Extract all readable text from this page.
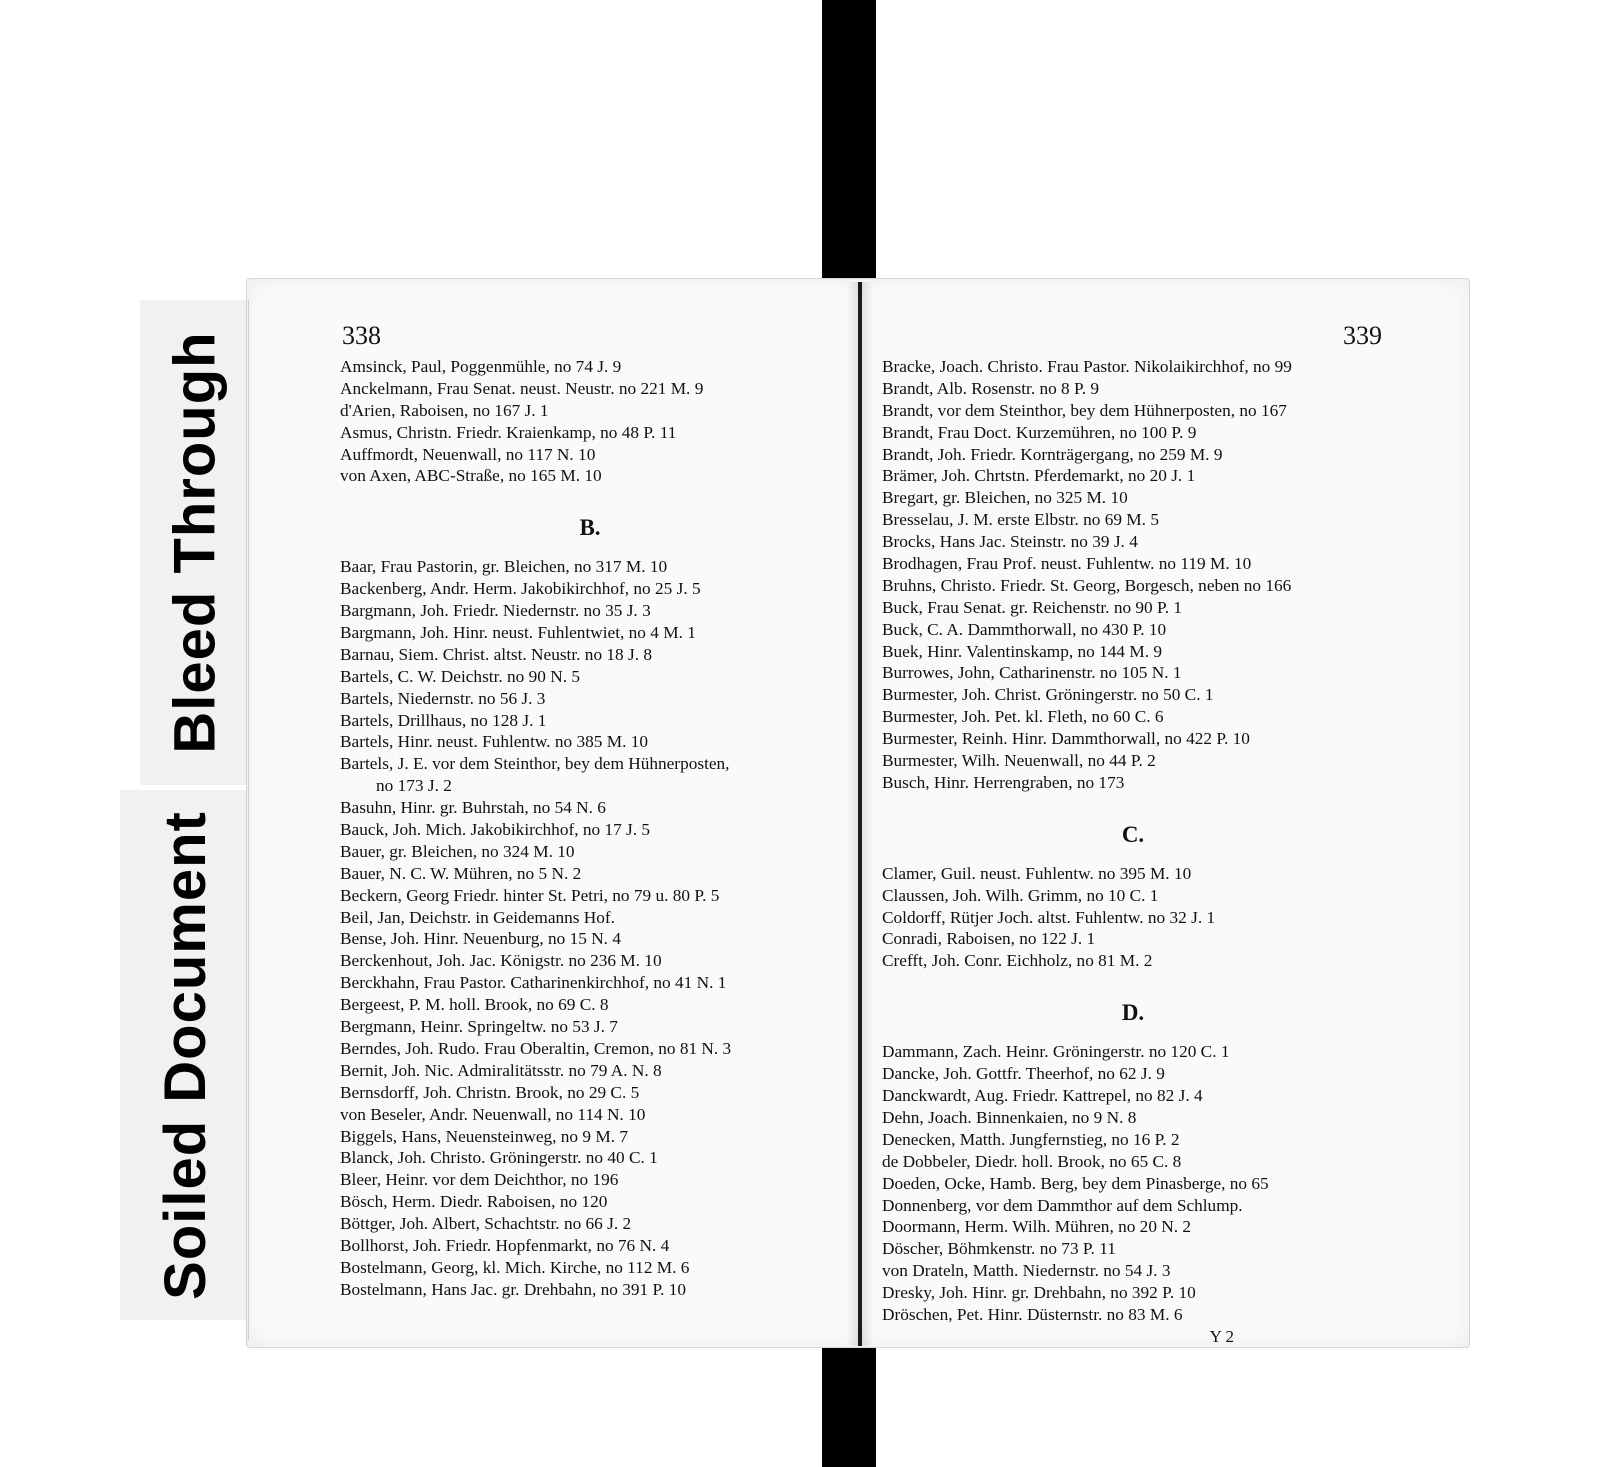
Bleed Through
Soiled Document
338
Amsinck, Paul, Poggenmühle, no 74 J. 9
Anckelmann, Frau Senat. neust. Neustr. no 221 M. 9
d'Arien, Raboisen, no 167 J. 1
Asmus, Christn. Friedr. Kraienkamp, no 48 P. 11
Auffmordt, Neuenwall, no 117 N. 10
von Axen, ABC-Straße, no 165 M. 10
B.
Baar, Frau Pastorin, gr. Bleichen, no 317 M. 10
Backenberg, Andr. Herm. Jakobikirchhof, no 25 J. 5
Bargmann, Joh. Friedr. Niedernstr. no 35 J. 3
Bargmann, Joh. Hinr. neust. Fuhlentwiet, no 4 M. 1
Barnau, Siem. Christ. altst. Neustr. no 18 J. 8
Bartels, C. W. Deichstr. no 90 N. 5
Bartels, Niedernstr. no 56 J. 3
Bartels, Drillhaus, no 128 J. 1
Bartels, Hinr. neust. Fuhlentw. no 385 M. 10
Bartels, J. E. vor dem Steinthor, bey dem Hühnerposten,
no 173 J. 2
Basuhn, Hinr. gr. Buhrstah, no 54 N. 6
Bauck, Joh. Mich. Jakobikirchhof, no 17 J. 5
Bauer, gr. Bleichen, no 324 M. 10
Bauer, N. C. W. Mühren, no 5 N. 2
Beckern, Georg Friedr. hinter St. Petri, no 79 u. 80 P. 5
Beil, Jan, Deichstr. in Geidemanns Hof.
Bense, Joh. Hinr. Neuenburg, no 15 N. 4
Berckenhout, Joh. Jac. Königstr. no 236 M. 10
Berckhahn, Frau Pastor. Catharinenkirchhof, no 41 N. 1
Bergeest, P. M. holl. Brook, no 69 C. 8
Bergmann, Heinr. Springeltw. no 53 J. 7
Berndes, Joh. Rudo. Frau Oberaltin, Cremon, no 81 N. 3
Bernit, Joh. Nic. Admiralitätsstr. no 79 A. N. 8
Bernsdorff, Joh. Christn. Brook, no 29 C. 5
von Beseler, Andr. Neuenwall, no 114 N. 10
Biggels, Hans, Neuensteinweg, no 9 M. 7
Blanck, Joh. Christo. Gröningerstr. no 40 C. 1
Bleer, Heinr. vor dem Deichthor, no 196
Bösch, Herm. Diedr. Raboisen, no 120
Böttger, Joh. Albert, Schachtstr. no 66 J. 2
Bollhorst, Joh. Friedr. Hopfenmarkt, no 76 N. 4
Bostelmann, Georg, kl. Mich. Kirche, no 112 M. 6
Bostelmann, Hans Jac. gr. Drehbahn, no 391 P. 10
339
Bracke, Joach. Christo. Frau Pastor. Nikolaikirchhof, no 99
Brandt, Alb. Rosenstr. no 8 P. 9
Brandt, vor dem Steinthor, bey dem Hühnerposten, no 167
Brandt, Frau Doct. Kurzemühren, no 100 P. 9
Brandt, Joh. Friedr. Kornträgergang, no 259 M. 9
Brämer, Joh. Chrtstn. Pferdemarkt, no 20 J. 1
Bregart, gr. Bleichen, no 325 M. 10
Bresselau, J. M. erste Elbstr. no 69 M. 5
Brocks, Hans Jac. Steinstr. no 39 J. 4
Brodhagen, Frau Prof. neust. Fuhlentw. no 119 M. 10
Bruhns, Christo. Friedr. St. Georg, Borgesch, neben no 166
Buck, Frau Senat. gr. Reichenstr. no 90 P. 1
Buck, C. A. Dammthorwall, no 430 P. 10
Buek, Hinr. Valentinskamp, no 144 M. 9
Burrowes, John, Catharinenstr. no 105 N. 1
Burmester, Joh. Christ. Gröningerstr. no 50 C. 1
Burmester, Joh. Pet. kl. Fleth, no 60 C. 6
Burmester, Reinh. Hinr. Dammthorwall, no 422 P. 10
Burmester, Wilh. Neuenwall, no 44 P. 2
Busch, Hinr. Herrengraben, no 173
C.
Clamer, Guil. neust. Fuhlentw. no 395 M. 10
Claussen, Joh. Wilh. Grimm, no 10 C. 1
Coldorff, Rütjer Joch. altst. Fuhlentw. no 32 J. 1
Conradi, Raboisen, no 122 J. 1
Crefft, Joh. Conr. Eichholz, no 81 M. 2
D.
Dammann, Zach. Heinr. Gröningerstr. no 120 C. 1
Dancke, Joh. Gottfr. Theerhof, no 62 J. 9
Danckwardt, Aug. Friedr. Kattrepel, no 82 J. 4
Dehn, Joach. Binnenkaien, no 9 N. 8
Denecken, Matth. Jungfernstieg, no 16 P. 2
de Dobbeler, Diedr. holl. Brook, no 65 C. 8
Doeden, Ocke, Hamb. Berg, bey dem Pinasberge, no 65
Donnenberg, vor dem Dammthor auf dem Schlump.
Doormann, Herm. Wilh. Mühren, no 20 N. 2
Döscher, Böhmkenstr. no 73 P. 11
von Drateln, Matth. Niedernstr. no 54 J. 3
Dresky, Joh. Hinr. gr. Drehbahn, no 392 P. 10
Dröschen, Pet. Hinr. Düsternstr. no 83 M. 6
Y 2
